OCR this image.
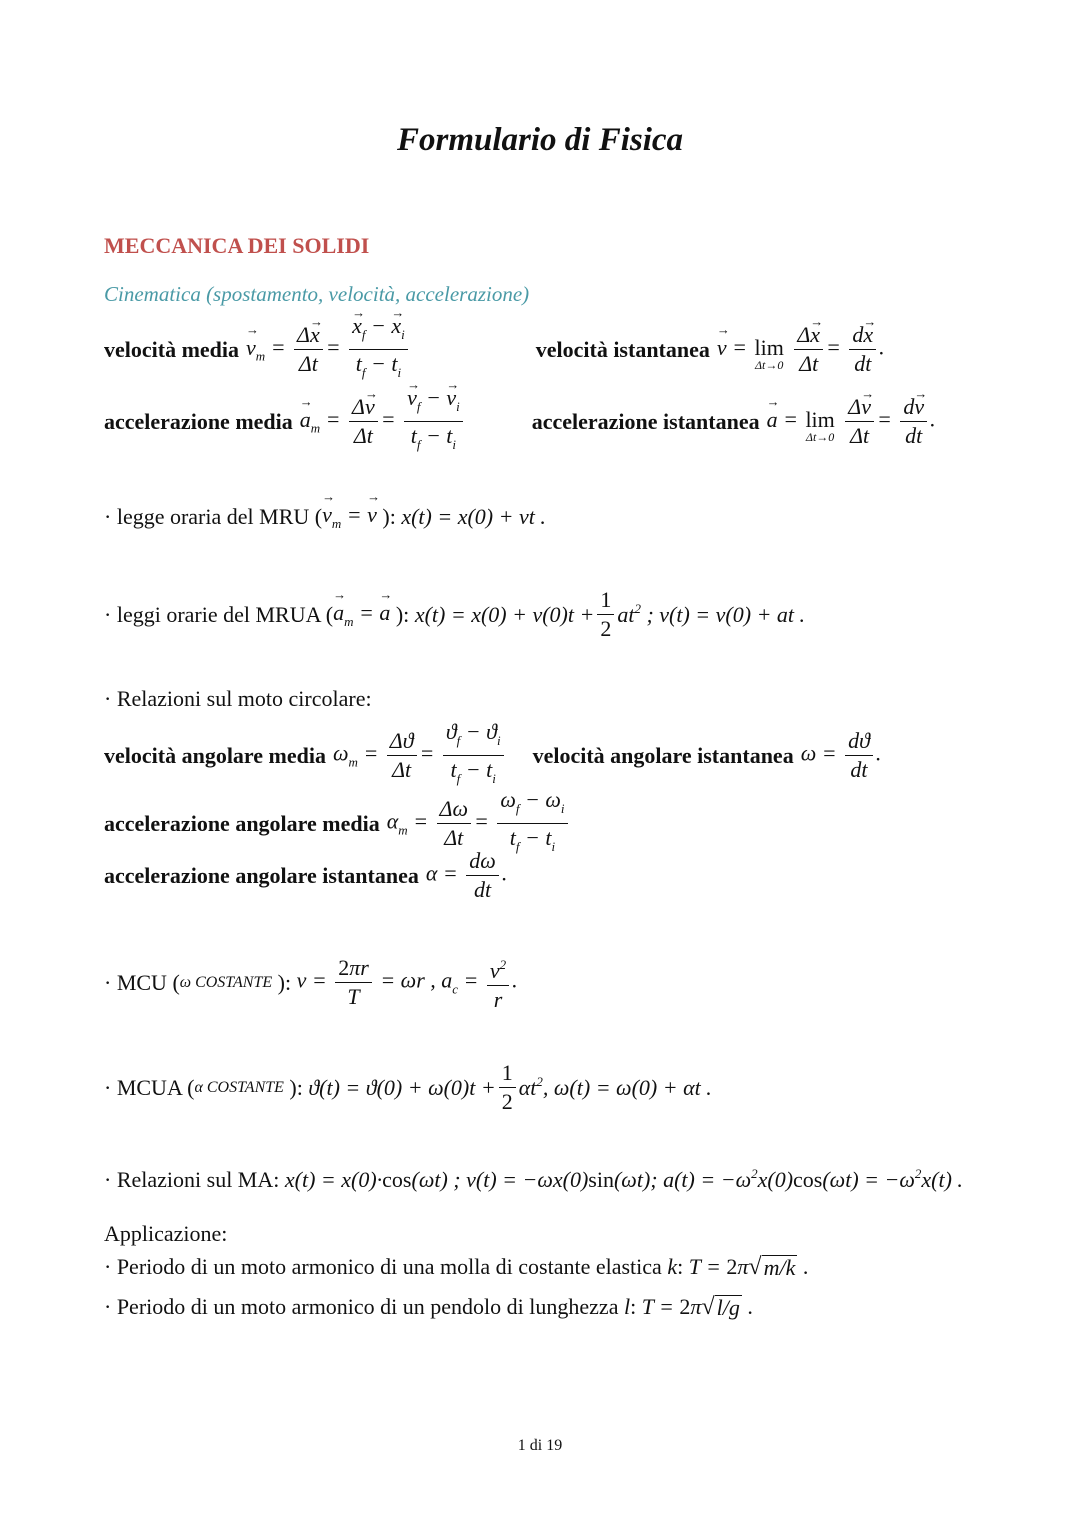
Formulario di Fisica
MECCANICA DEI SOLIDI
Cinematica (spostamento, velocità, accelerazione)
velocità media → $v_m = \frac{\Delta\to x}{\Delta t}$ = → $\frac{x_f - \to x_i}{t_f - t_i}$	velocità istantanea → v = lim
Δt→0
$\frac{\Delta\to x}{\Delta t} = \frac{d\to x}{dt}$ .
accelerazione media → $a_m = \frac{\Delta\to v}{\Delta t}$ = → $\frac{v_f - \to v_i}{t_f - t_i}$	accelerazione istantanea → a = lim
Δt→0
$\frac{\Delta\to v}{\Delta t} = \frac{d\to v}{dt}$ .
· legge oraria del MRU ( → $v_m$ = → v ): x(t) = x(0) + vt .
· leggi orarie del MRUA ( → $a_m$ = → a ): $x(t) = x(0) + v(0)t + \frac{1}{2} at^2$ ; v(t) = v(0) + at .
· Relazioni sul moto circolare:
velocità angolare media $\omega_m = \frac{\Delta ϑ}{\Delta t} = \frac{ϑ_f - ϑ_i}{t_f - t_i}$ velocità angolare istantanea $\omega = \frac{dϑ}{dt}$ .
accelerazione angolare media $\alpha_m = \frac{\Delta\omega}{\Delta t} = \frac{\omega_f - \omega_i}{t_f - t_i}$
accelerazione angolare istantanea $\alpha = \frac{d\omega}{dt}$ .
· MCU ( ω COSTANTE ): $v = \frac{2\pi r}{T} = \omega r$ , $a_c = \frac{v^2}{r}$ .
· MCUA ( α COSTANTE ): $ϑ(t) = ϑ(0) + \omega(0)t + \frac{1}{2} \alpha t^2$, ω(t) = ω(0) + αt .
· Relazioni sul MA:
x(t) = x(0)·cos(ωt) ; v(t) = −ωx(0)sin(ωt); $a(t) = -\omega^2x(0)\cos(\omega t) = -\omega^2x(t)$ .
Applicazione:
· Periodo di un moto armonico di una molla di costante elastica
k : T = 2π √ m/k .
· Periodo di un moto armonico di un pendolo di lunghezza
l : T = 2π √ l/g .
1 di 19
